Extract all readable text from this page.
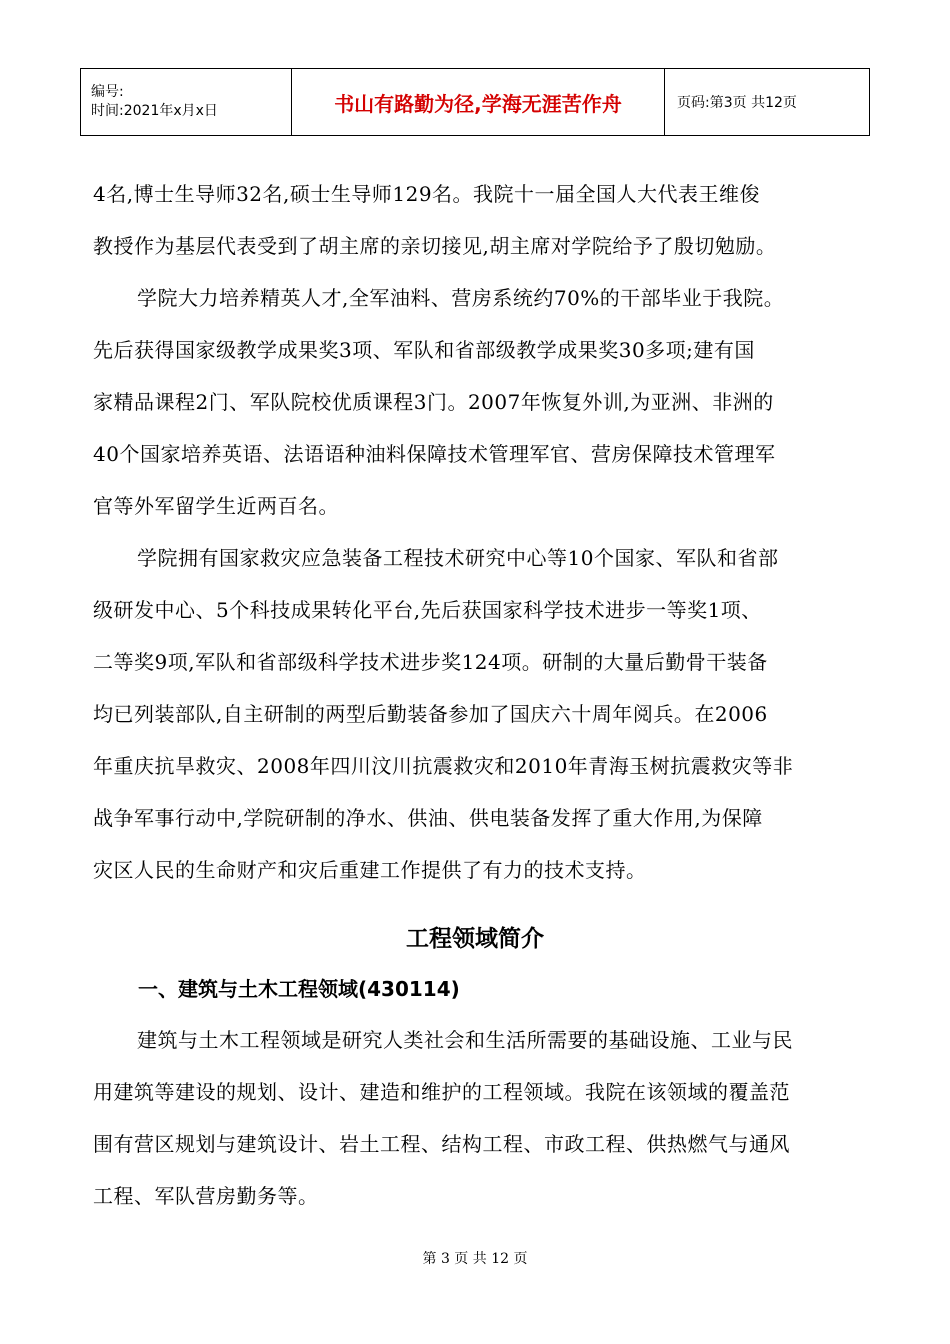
编号:
时间:2021年x月x日	书山有路勤为径,学海无涯苦作舟	页码:第3页 共12页
4名,博士生导师32名,硕士生导师129名。我院十一届全国人大代表王维俊
教授作为基层代表受到了胡主席的亲切接见,胡主席对学院给予了殷切勉励。
学院大力培养精英人才,全军油料、营房系统约70%的干部毕业于我院。
先后获得国家级教学成果奖3项、军队和省部级教学成果奖30多项;建有国
家精品课程2门、军队院校优质课程3门。2007年恢复外训,为亚洲、非洲的
40个国家培养英语、法语语种油料保障技术管理军官、营房保障技术管理军
官等外军留学生近两百名。
学院拥有国家救灾应急装备工程技术研究中心等10个国家、军队和省部
级研发中心、5个科技成果转化平台,先后获国家科学技术进步一等奖1项、
二等奖9项,军队和省部级科学技术进步奖124项。研制的大量后勤骨干装备
均已列装部队,自主研制的两型后勤装备参加了国庆六十周年阅兵。在2006
年重庆抗旱救灾、2008年四川汶川抗震救灾和2010年青海玉树抗震救灾等非
战争军事行动中,学院研制的净水、供油、供电装备发挥了重大作用,为保障
灾区人民的生命财产和灾后重建工作提供了有力的技术支持。
工程领域简介
一、建筑与土木工程领域(430114)
建筑与土木工程领域是研究人类社会和生活所需要的基础设施、工业与民
用建筑等建设的规划、设计、建造和维护的工程领域。我院在该领域的覆盖范
围有营区规划与建筑设计、岩土工程、结构工程、市政工程、供热燃气与通风
工程、军队营房勤务等。
第 3 页 共 12 页
